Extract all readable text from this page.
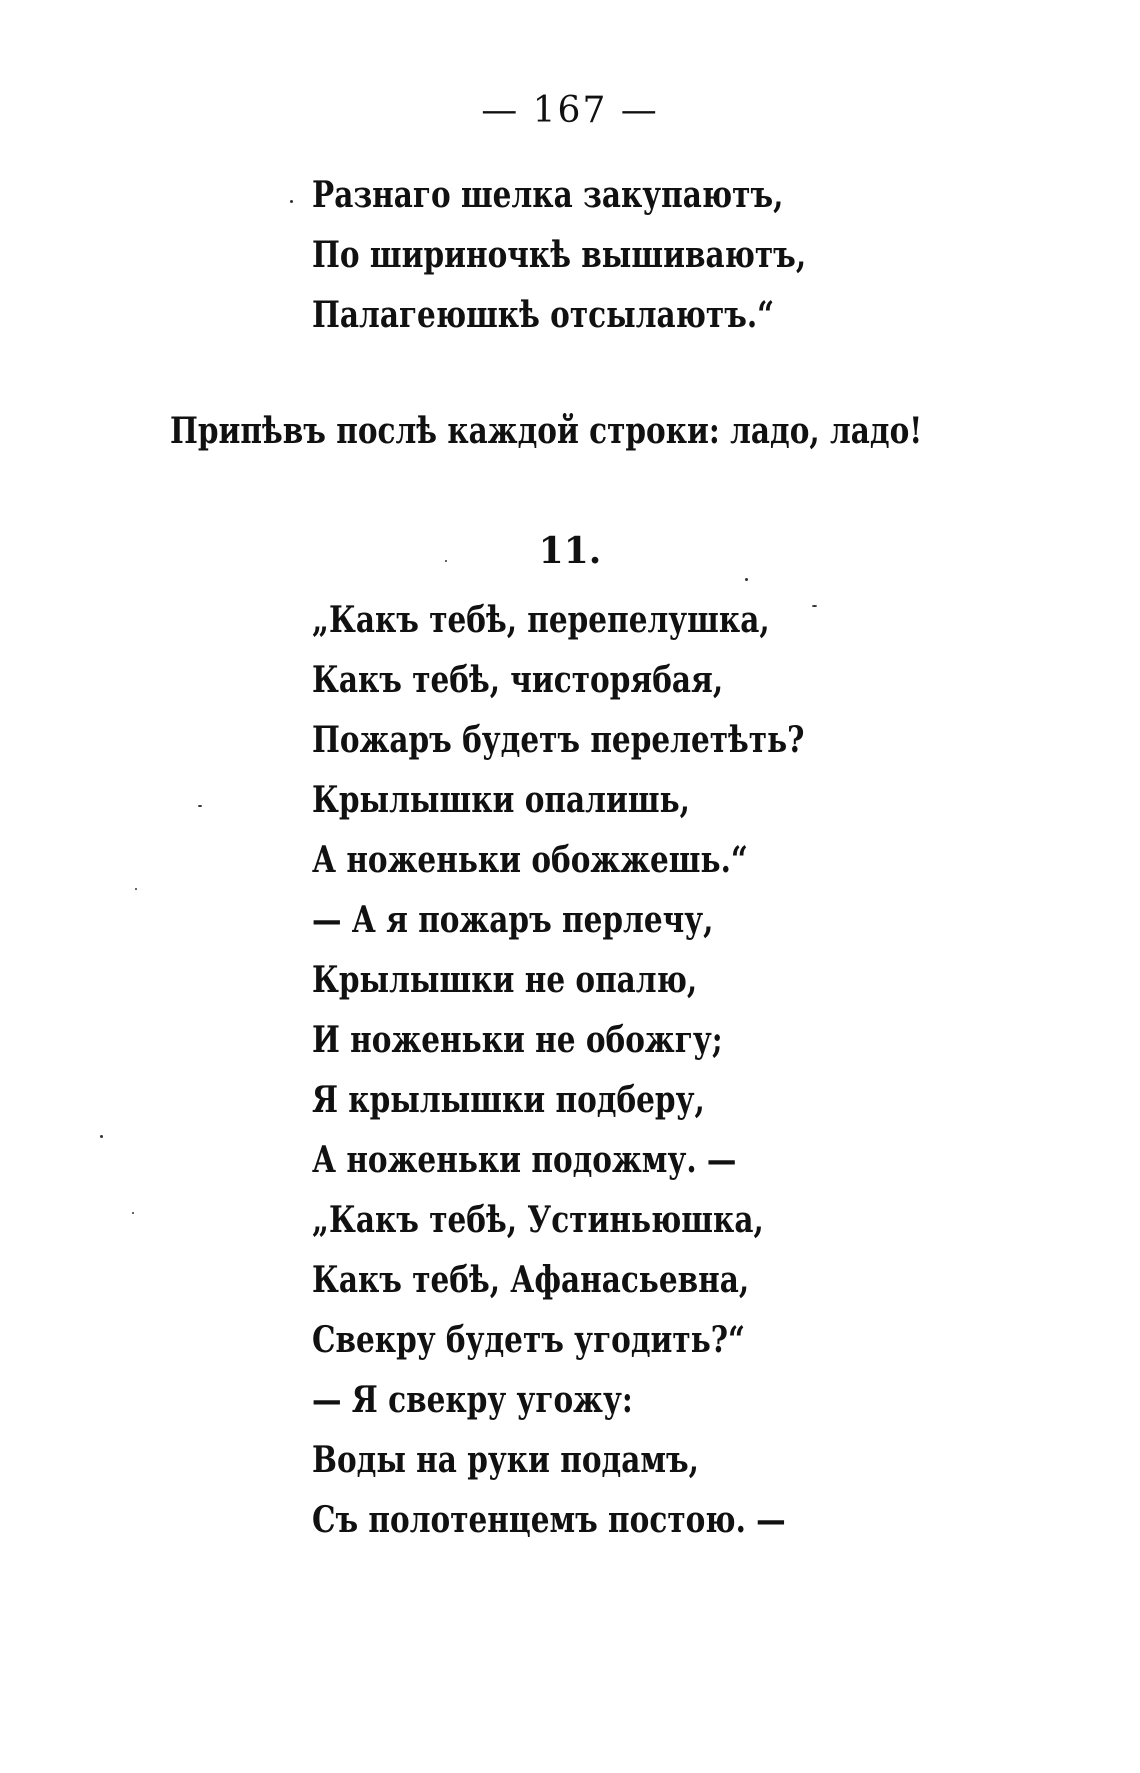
— 167 —
Разнаго шелка закупаютъ,
По шириночкѣ вышиваютъ,
Палагеюшкѣ отсылаютъ.“
Припѣвъ послѣ каждой строки: ладо, ладо!
11.
„Какъ тебѣ, перепелушка,
Какъ тебѣ, чисторябая,
Пожаръ будетъ перелетѣть?
Крылышки опалишь,
А ноженьки обожжешь.“
— А я пожаръ перлечу,
Крылышки не опалю,
И ноженьки не обожгу;
Я крылышки подберу,
А ноженьки подожму. —
„Какъ тебѣ, Устиньюшка,
Какъ тебѣ, Афанасьевна,
Свекру будетъ угодить?“
— Я свекру угожу:
Воды на руки подамъ,
Съ полотенцемъ постою. —
